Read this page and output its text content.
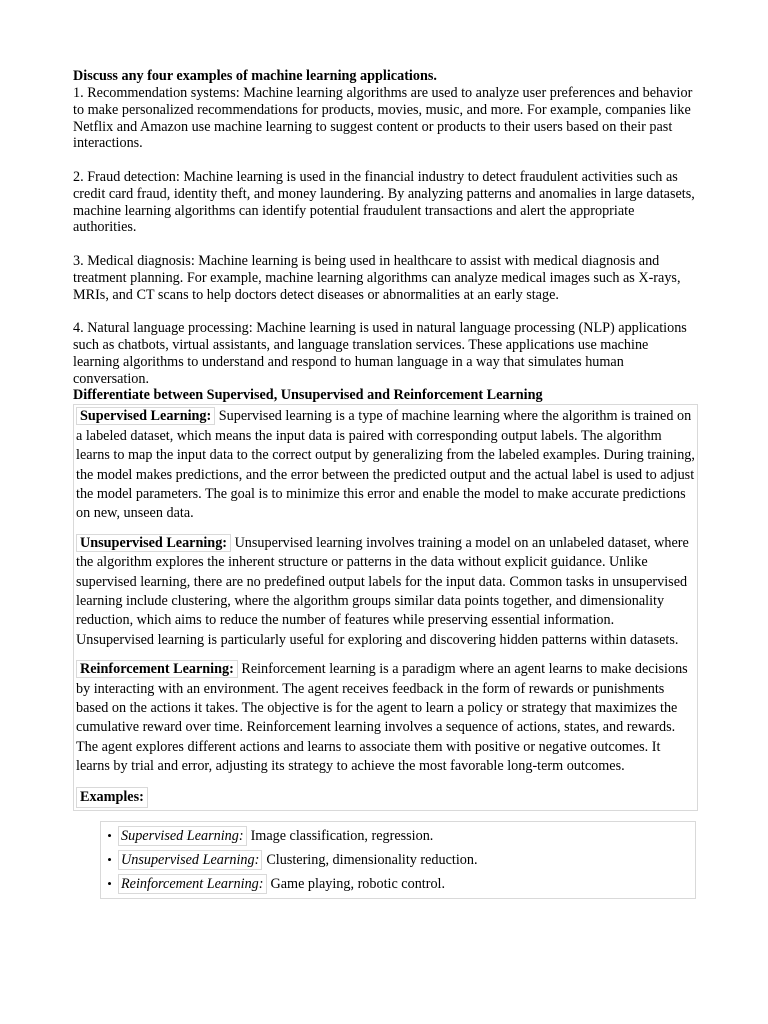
Discuss any four examples of machine learning applications.

1. Recommendation systems: Machine learning algorithms are used to analyze user preferences and behavior to make personalized recommendations for products, movies, music, and more. For example, companies like Netflix and Amazon use machine learning to suggest content or products to their users based on their past interactions.

2. Fraud detection: Machine learning is used in the financial industry to detect fraudulent activities such as credit card fraud, identity theft, and money laundering. By analyzing patterns and anomalies in large datasets, machine learning algorithms can identify potential fraudulent transactions and alert the appropriate authorities.

3. Medical diagnosis: Machine learning is being used in healthcare to assist with medical diagnosis and treatment planning. For example, machine learning algorithms can analyze medical images such as X-rays, MRIs, and CT scans to help doctors detect diseases or abnormalities at an early stage.

4. Natural language processing: Machine learning is used in natural language processing (NLP) applications such as chatbots, virtual assistants, and language translation services. These applications use machine learning algorithms to understand and respond to human language in a way that simulates human conversation.

Differentiate between Supervised, Unsupervised and Reinforcement Learning

Supervised Learning: Supervised learning is a type of machine learning where the algorithm is trained on a labeled dataset, which means the input data is paired with corresponding output labels. The algorithm learns to map the input data to the correct output by generalizing from the labeled examples. During training, the model makes predictions, and the error between the predicted output and the actual label is used to adjust the model parameters. The goal is to minimize this error and enable the model to make accurate predictions on new, unseen data.

Unsupervised Learning: Unsupervised learning involves training a model on an unlabeled dataset, where the algorithm explores the inherent structure or patterns in the data without explicit guidance. Unlike supervised learning, there are no predefined output labels for the input data. Common tasks in unsupervised learning include clustering, where the algorithm groups similar data points together, and dimensionality reduction, which aims to reduce the number of features while preserving essential information. Unsupervised learning is particularly useful for exploring and discovering hidden patterns within datasets.

Reinforcement Learning: Reinforcement learning is a paradigm where an agent learns to make decisions by interacting with an environment. The agent receives feedback in the form of rewards or punishments based on the actions it takes. The objective is for the agent to learn a policy or strategy that maximizes the cumulative reward over time. Reinforcement learning involves a sequence of actions, states, and rewards. The agent explores different actions and learns to associate them with positive or negative outcomes. It learns by trial and error, adjusting its strategy to achieve the most favorable long-term outcomes.

Examples:
• Supervised Learning: Image classification, regression.
• Unsupervised Learning: Clustering, dimensionality reduction.
• Reinforcement Learning: Game playing, robotic control.
